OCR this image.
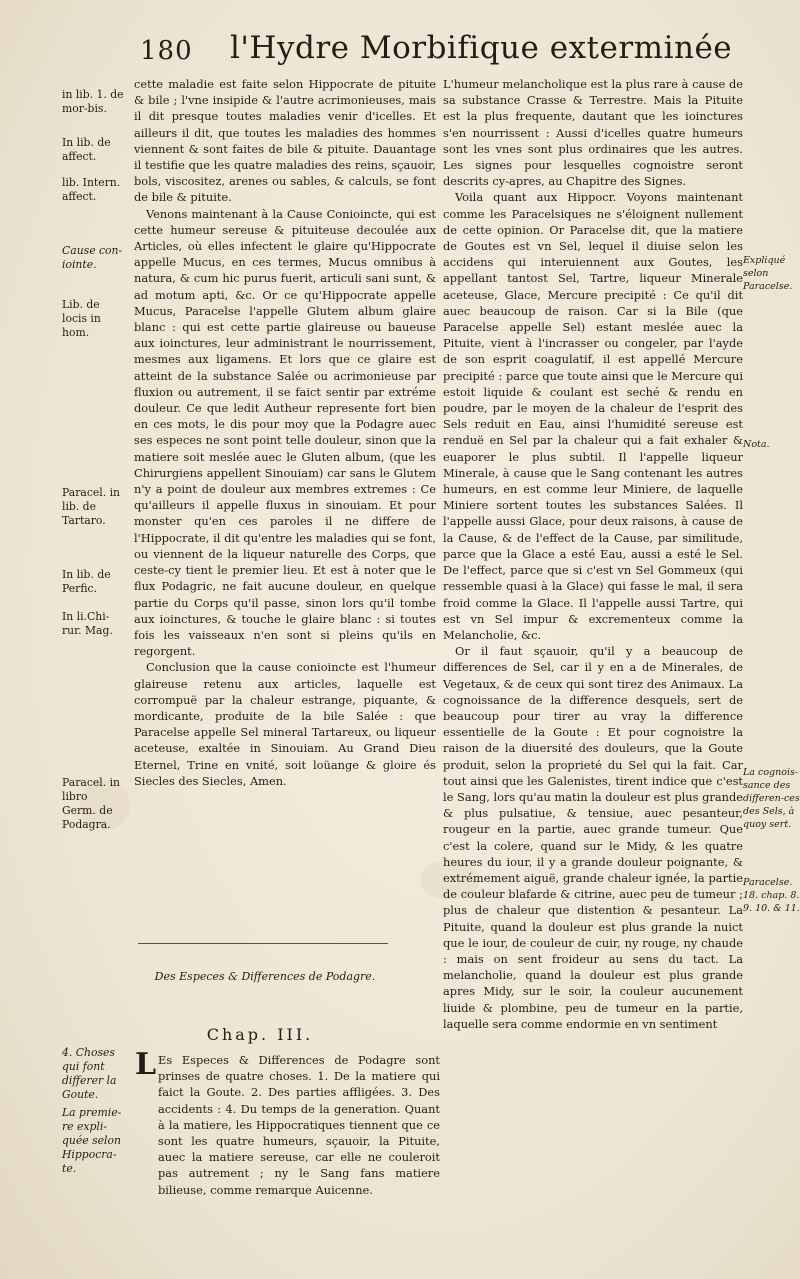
180 l'Hydre Morbifique exterminée
in lib. 1. de mor-bis.
In lib. de affect.
lib. Intern. affect.
Cause con-iointe.
Lib. de locis in hom.
Paracel. in lib. de Tartaro.
In lib. de Perfic.
In li.Chi-rur. Mag.
Paracel. in libro Germ. de Podagra.
4. Choses qui font differer la Goute.
La premie-re expli-quée selon Hippocra-te.

cette maladie est faite selon Hippocrate de pituite & bile ; l'vne insipide & l'autre acrimonieuses, mais il dit presque toutes maladies venir d'icelles. Et ailleurs il dit, que toutes les maladies des hommes viennent & sont faites de bile & pituite. Dauantage il testifie que les quatre maladies des reins, sçauoir, bols, viscositez, arenes ou sables, & calculs, se font de bile & pituite.

Venons maintenant à la Cause Conioincte, qui est cette humeur sereuse & pituiteuse decoulée aux Articles, où elles infectent le glaire qu'Hippocrate appelle Mucus, en ces termes, Mucus omnibus à natura, & cum hic purus fuerit, articuli sani sunt, & ad motum apti, &c. Or ce qu'Hippocrate appelle Mucus, Paracelse l'appelle Glutem album glaire blanc : qui est cette partie glaireuse ou baueuse aux ioinctures, leur administrant le nourrissement, mesmes aux ligamens. Et lors que ce glaire est atteint de la substance Salée ou acrimonieuse par fluxion ou autrement, il se faict sentir par extréme douleur. Ce que ledit Autheur represente fort bien en ces mots, le dis pour moy que la Podagre auec ses especes ne sont point telle douleur, sinon que la matiere soit meslée auec le Gluten album, (que les Chirurgiens appellent Sinouiam) car sans le Glutem n'y a point de douleur aux membres extremes : Ce qu'ailleurs il appelle fluxus in sinouiam. Et pour monster qu'en ces paroles il ne differe de l'Hippocrate, il dit qu'entre les maladies qui se font, ou viennent de la liqueur naturelle des Corps, que ceste-cy tient le premier lieu. Et est à noter que le flux Podagric, ne fait aucune douleur, en quelque partie du Corps qu'il passe, sinon lors qu'il tombe aux ioinctures, & touche le glaire blanc : si toutes fois les vaisseaux n'en sont si pleins qu'ils en regorgent.

Conclusion que la cause conioincte est l'humeur glaireuse retenu aux articles, laquelle est corrompuë par la chaleur estrange, piquante, & mordicante, produite de la bile Salée : que Paracelse appelle Sel mineral Tartareux, ou liqueur aceteuse, exaltée in Sinouiam. Au Grand Dieu Eternel, Trine en vnité, soit loüange & gloire és Siecles des Siecles, Amen.

Des Especes & Differences de Podagre.
Chap. III.
L Es Especes & Differences de Podagre sont prinses de quatre choses. 1. De la matiere qui faict la Goute. 2. Des parties affligées. 3. Des accidents : 4. Du temps de la generation. Quant à la matiere, les Hippocratiques tiennent que ce sont les quatre humeurs, sçauoir, la Pituite, auec la matiere sereuse, car elle ne couleroit pas autrement ; ny le Sang fans matiere bilieuse, comme remarque Auicenne.

L'humeur melancholique est la plus rare à cause de sa substance Crasse & Terrestre. Mais la Pituite est la plus frequente, dautant que les ioinctures s'en nourrissent : Aussi d'icelles quatre humeurs sont les vnes sont plus ordinaires que les autres. Les signes pour lesquelles cognoistre seront descrits cy-apres, au Chapitre des Signes.

Voila quant aux Hippocr. Voyons maintenant comme les Paracelsiques ne s'éloignent nullement de cette opinion. Or Paracelse dit, que la matiere de Goutes est vn Sel, lequel il diuise selon les accidens qui interuiennent aux Goutes, les appellant tantost Sel, Tartre, liqueur Minerale aceteuse, Glace, Mercure precipité : Ce qu'il dit auec beaucoup de raison. Car si la Bile (que Paracelse appelle Sel) estant meslée auec la Pituite, vient à l'incrasser ou congeler, par l'ayde de son esprit coagulatif, il est appellé Mercure precipité : parce que toute ainsi que le Mercure qui estoit liquide & coulant est seché & rendu en poudre, par le moyen de la chaleur de l'esprit des Sels reduit en Eau, ainsi l'humidité sereuse est renduë en Sel par la chaleur qui a fait exhaler & euaporer le plus subtil. Il l'appelle liqueur Minerale, à cause que le Sang contenant les autres humeurs, en est comme leur Miniere, de laquelle Miniere sortent toutes les substances Salées. Il l'appelle aussi Glace, pour deux raisons, à cause de la Cause, & de l'effect de la Cause, par similitude, parce que la Glace a esté Eau, aussi a esté le Sel. De l'effect, parce que si c'est vn Sel Gommeux (qui ressemble quasi à la Glace) qui fasse le mal, il sera froid comme la Glace. Il l'appelle aussi Tartre, qui est vn Sel impur & excrementeux comme la Melancholie, &c.

Or il faut sçauoir, qu'il y a beaucoup de differences de Sel, car il y en a de Minerales, de Vegetaux, & de ceux qui sont tirez des Animaux. La cognoissance de la difference desquels, sert de beaucoup pour tirer au vray la difference essentielle de la Goute : Et pour cognoistre la raison de la diuersité des douleurs, que la Goute produit, selon la proprieté du Sel qui la fait. Car tout ainsi que les Galenistes, tirent indice que c'est le Sang, lors qu'au matin la douleur est plus grande & plus pulsatiue, & tensiue, auec pesanteur, rougeur en la partie, auec grande tumeur. Que c'est la colere, quand sur le Midy, & les quatre heures du iour, il y a grande douleur poignante, & extrémement aiguë, grande chaleur ignée, la partie de couleur blafarde & citrine, auec peu de tumeur ; plus de chaleur que distention & pesanteur. La Pituite, quand la douleur est plus grande la nuict que le iour, de couleur de cuir, ny rouge, ny chaude : mais on sent froideur au sens du tact. La melancholie, quand la douleur est plus grande apres Midy, sur le soir, la couleur aucunement liuide & plombine, peu de tumeur en la partie, laquelle sera comme endormie en vn sentiment

Expliqué selon Paracelse.
Nota.
La cognois-sance des differen-ces des Sels, à quoy sert.
Paracelse. 18. chap. 8. 9. 10. & 11.
